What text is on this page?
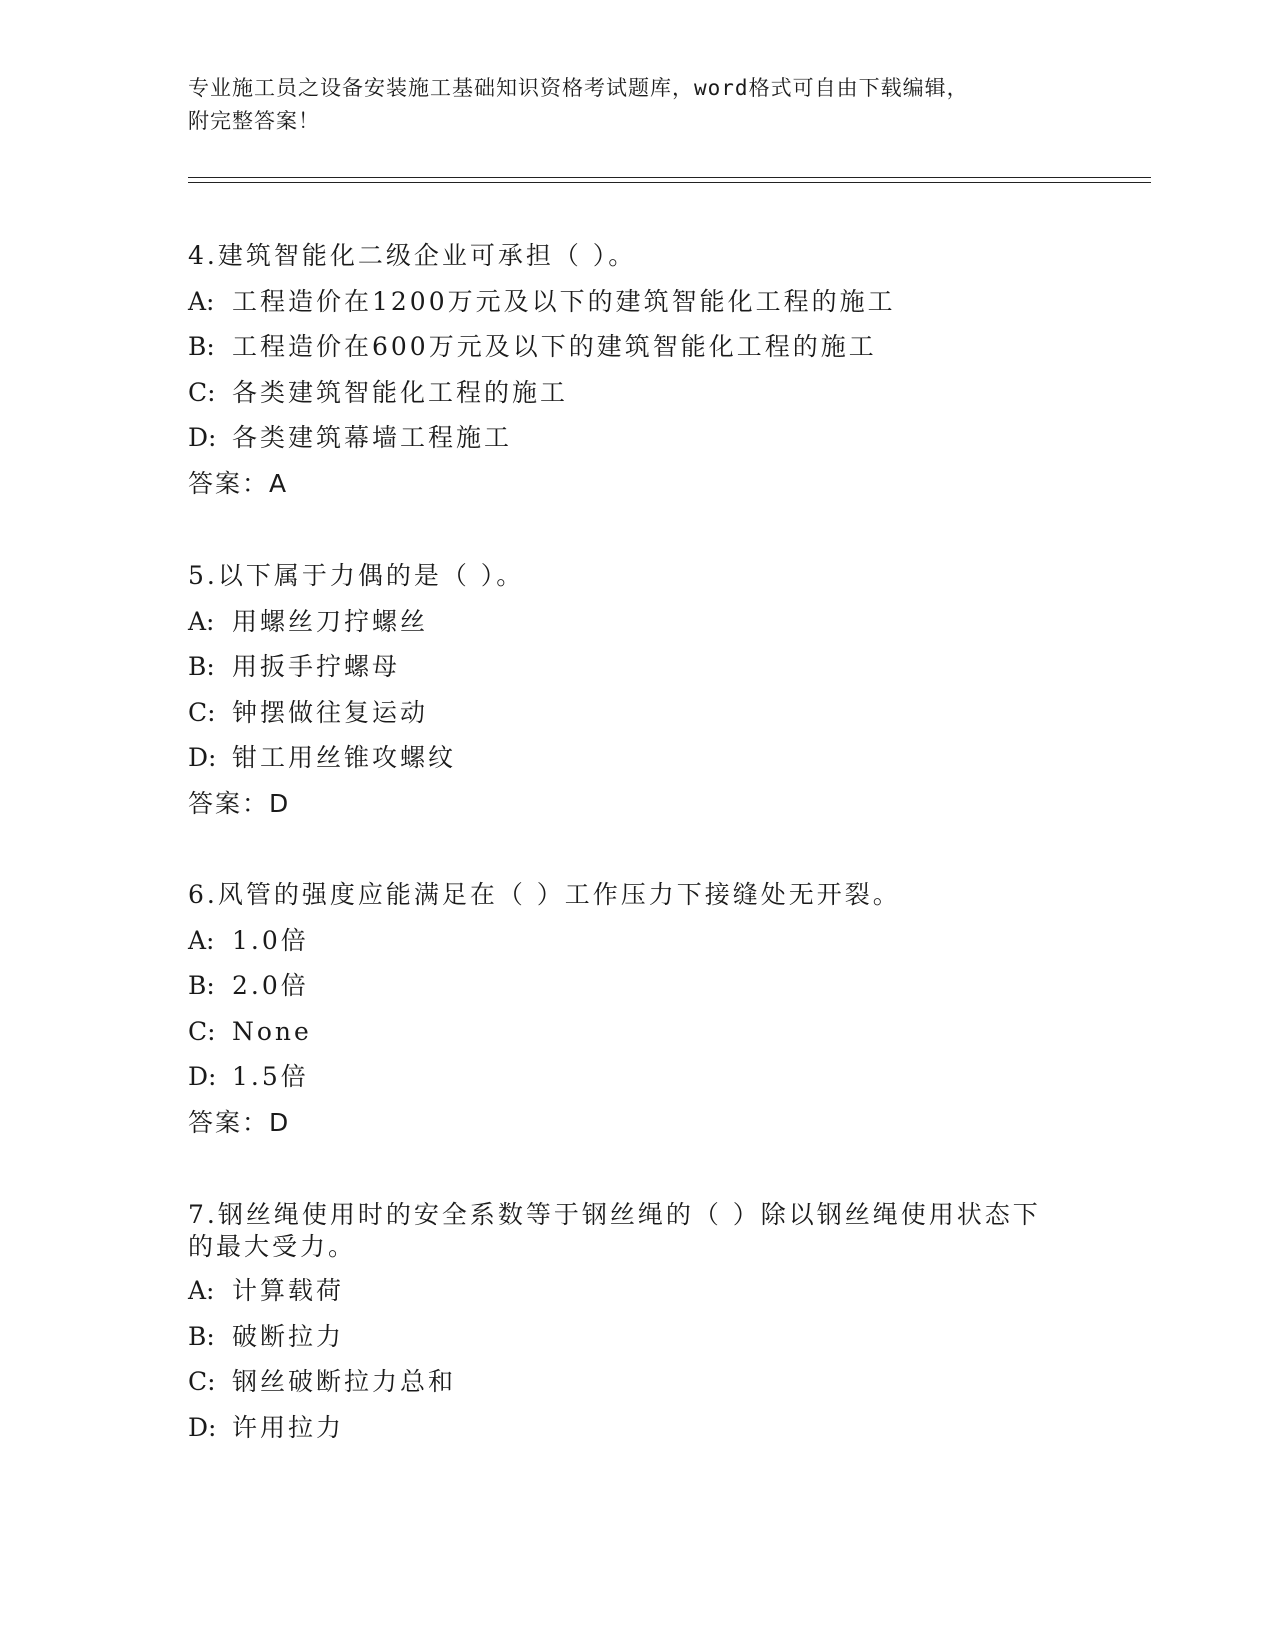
专业施工员之设备安装施工基础知识资格考试题库，word格式可自由下载编辑，
附完整答案！
4.建筑智能化二级企业可承担（ ）。
A: 工程造价在1200万元及以下的建筑智能化工程的施工
B: 工程造价在600万元及以下的建筑智能化工程的施工
C: 各类建筑智能化工程的施工
D: 各类建筑幕墙工程施工
答案：A
5.以下属于力偶的是（ ）。
A: 用螺丝刀拧螺丝
B: 用扳手拧螺母
C: 钟摆做往复运动
D: 钳工用丝锥攻螺纹
答案：D
6.风管的强度应能满足在（ ）工作压力下接缝处无开裂。
A: 1.0倍
B: 2.0倍
C: None
D: 1.5倍
答案：D
7.钢丝绳使用时的安全系数等于钢丝绳的（ ）除以钢丝绳使用状态下的最大受力。
A: 计算载荷
B: 破断拉力
C: 钢丝破断拉力总和
D: 许用拉力
